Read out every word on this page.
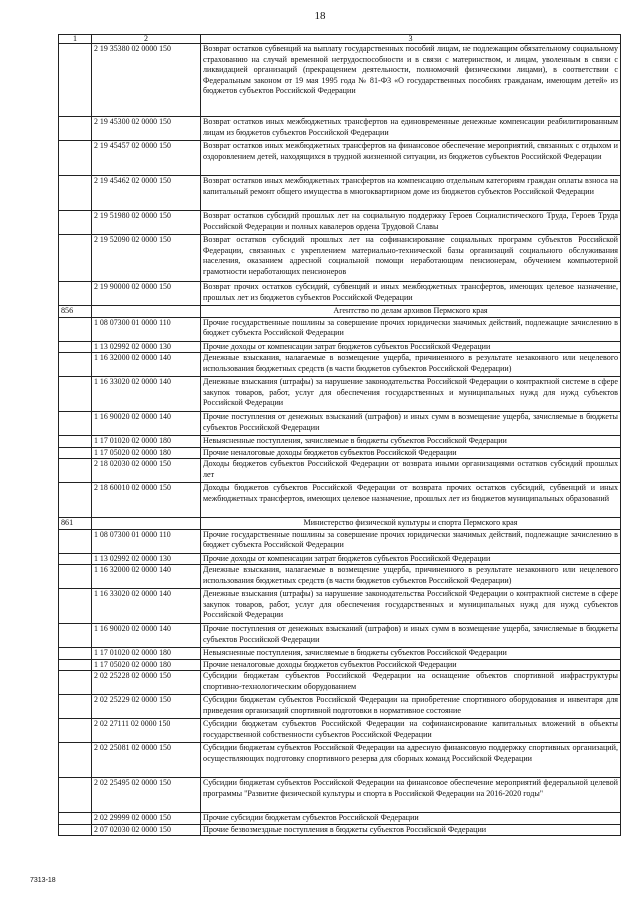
18
1	2	3
	2 19 35380 02 0000 150	Возврат остатков субвенций на выплату государственных пособий лицам, не подлежащим обязательному социальному страхованию на случай временной нетрудоспособности и в связи с материнством, и лицам, уволенным в связи с ликвидацией организаций (прекращением деятельности, полномочий физическими лицами), в соответствии с Федеральным законом от 19 мая 1995 года № 81-ФЗ «О государственных пособиях гражданам, имеющим детей» из бюджетов субъектов Российской Федерации
	2 19 45300 02 0000 150	Возврат остатков иных межбюджетных трансфертов на единовременные денежные компенсации реабилитированным лицам из бюджетов субъектов Российской Федерации
	2 19 45457 02 0000 150	Возврат остатков иных межбюджетных трансфертов на финансовое обеспечение мероприятий, связанных с отдыхом и оздоровлением детей, находящихся в трудной жизненной ситуации, из бюджетов субъектов Российской Федерации
	2 19 45462 02 0000 150	Возврат остатков иных межбюджетных трансфертов на компенсацию отдельным категориям граждан оплаты взноса на капитальный ремонт общего имущества в многоквартирном доме из бюджетов субъектов Российской Федерации
	2 19 51980 02 0000 150	Возврат остатков субсидий прошлых лет на социальную поддержку Героев Социалистического Труда, Героев Труда Российской Федерации и полных кавалеров ордена Трудовой Славы
	2 19 52090 02 0000 150	Возврат остатков субсидий прошлых лет на софинансирование социальных программ субъектов Российской Федерации, связанных с укреплением материально-технической базы организаций социального обслуживания населения, оказанием адресной социальной помощи неработающим пенсионерам, обучением компьютерной грамотности неработающих пенсионеров
	2 19 90000 02 0000 150	Возврат прочих остатков субсидий, субвенций и иных межбюджетных трансфертов, имеющих целевое назначение, прошлых лет из бюджетов субъектов Российской Федерации
856		Агентство по делам архивов Пермского края
	1 08 07300 01 0000 110	Прочие государственные пошлины за совершение прочих юридически значимых действий, подлежащие зачислению в бюджет субъекта Российской Федерации
	1 13 02992 02 0000 130	Прочие доходы от компенсации затрат бюджетов субъектов Российской Федерации
	1 16 32000 02 0000 140	Денежные взыскания, налагаемые в возмещение ущерба, причиненного в результате незаконного или нецелевого использования бюджетных средств (в части бюджетов субъектов Российской Федерации)
	1 16 33020 02 0000 140	Денежные взыскания (штрафы) за нарушение законодательства Российской Федерации о контрактной системе в сфере закупок товаров, работ, услуг для обеспечения государственных и муниципальных нужд для нужд субъектов Российской Федерации
	1 16 90020 02 0000 140	Прочие поступления от денежных взысканий (штрафов) и иных сумм в возмещение ущерба, зачисляемые в бюджеты субъектов Российской Федерации
	1 17 01020 02 0000 180	Невыясненные поступления, зачисляемые в бюджеты субъектов Российской Федерации
	1 17 05020 02 0000 180	Прочие неналоговые доходы бюджетов субъектов Российской Федерации
	2 18 02030 02 0000 150	Доходы бюджетов субъектов Российской Федерации от возврата иными организациями остатков субсидий прошлых лет
	2 18 60010 02 0000 150	Доходы бюджетов субъектов Российской Федерации от возврата прочих остатков субсидий, субвенций и иных межбюджетных трансфертов, имеющих целевое назначение, прошлых лет из бюджетов муниципальных образований
861		Министерство физической культуры и спорта Пермского края
	1 08 07300 01 0000 110	Прочие государственные пошлины за совершение прочих юридически значимых действий, подлежащие зачислению в бюджет субъекта Российской Федерации
	1 13 02992 02 0000 130	Прочие доходы от компенсации затрат бюджетов субъектов Российской Федерации
	1 16 32000 02 0000 140	Денежные взыскания, налагаемые в возмещение ущерба, причиненного в результате незаконного или нецелевого использования бюджетных средств (в части бюджетов субъектов Российской Федерации)
	1 16 33020 02 0000 140	Денежные взыскания (штрафы) за нарушение законодательства Российской Федерации о контрактной системе в сфере закупок товаров, работ, услуг для обеспечения государственных и муниципальных нужд для нужд субъектов Российской Федерации
	1 16 90020 02 0000 140	Прочие поступления от денежных взысканий (штрафов) и иных сумм в возмещение ущерба, зачисляемые в бюджеты субъектов Российской Федерации
	1 17 01020 02 0000 180	Невыясненные поступления, зачисляемые в бюджеты субъектов Российской Федерации
	1 17 05020 02 0000 180	Прочие неналоговые доходы бюджетов субъектов Российской Федерации
	2 02 25228 02 0000 150	Субсидии бюджетам субъектов Российской Федерации на оснащение объектов спортивной инфраструктуры спортивно-технологическим оборудованием
	2 02 25229 02 0000 150	Субсидии бюджетам субъектов Российской Федерации на приобретение спортивного оборудования и инвентаря для приведения организаций спортивной подготовки в нормативное состояние
	2 02 27111 02 0000 150	Субсидии бюджетам субъектов Российской Федерации на софинансирование капитальных вложений в объекты государственной собственности субъектов Российской Федерации
	2 02 25081 02 0000 150	Субсидии бюджетам субъектов Российской Федерации на адресную финансовую поддержку спортивных организаций, осуществляющих подготовку спортивного резерва для сборных команд Российской Федерации
	2 02 25495 02 0000 150	Субсидии бюджетам субъектов Российской Федерации на финансовое обеспечение мероприятий федеральной целевой программы "Развитие физической культуры и спорта в Российской Федерации на 2016-2020 годы"
	2 02 29999 02 0000 150	Прочие субсидии бюджетам субъектов Российской Федерации
	2 07 02030 02 0000 150	Прочие безвозмездные поступления в бюджеты субъектов Российской Федерации
7313-18
